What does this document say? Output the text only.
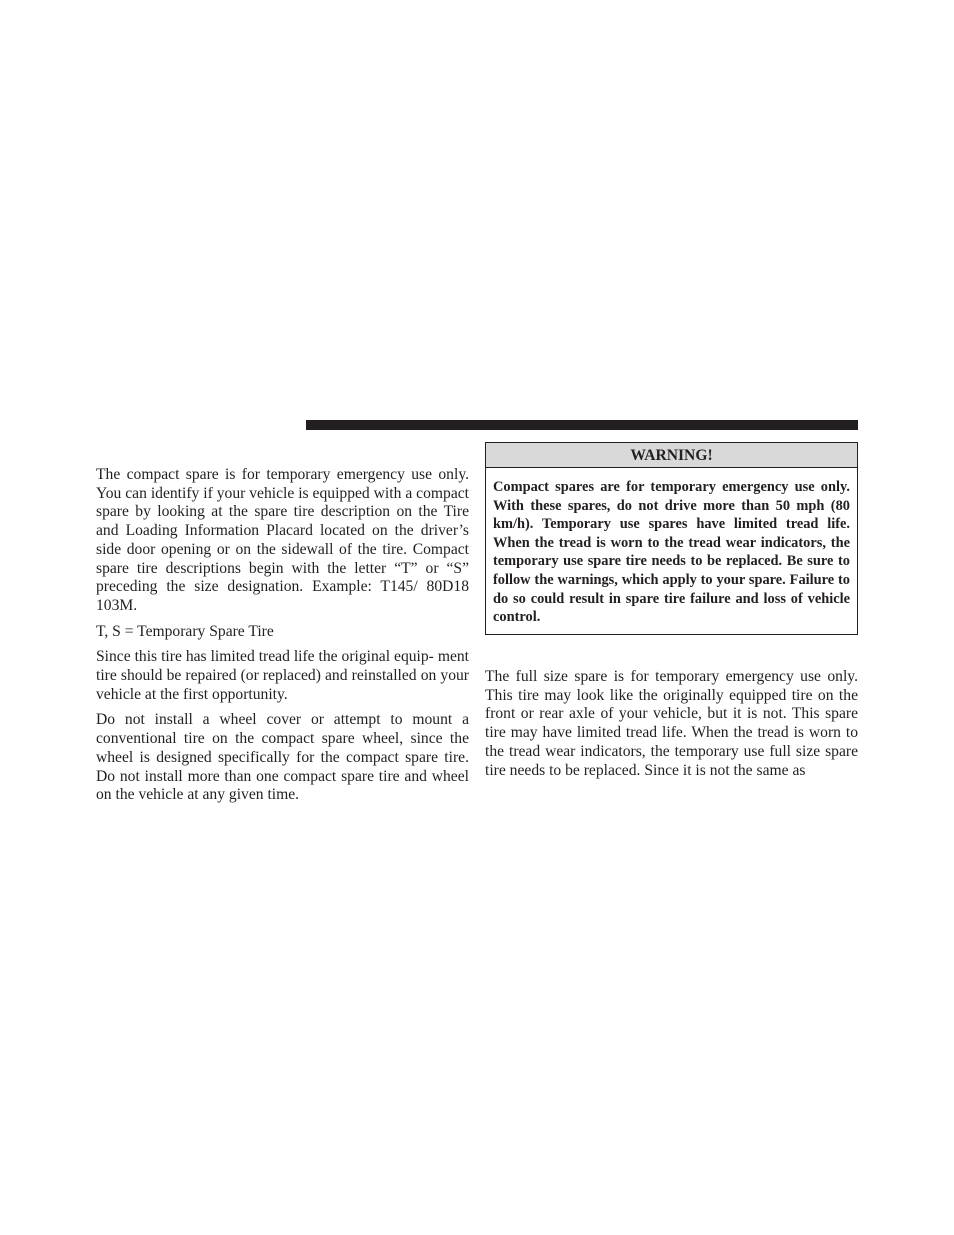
The compact spare is for temporary emergency use only. You can identify if your vehicle is equipped with a compact spare by looking at the spare tire description on the Tire and Loading Information Placard located on the driver’s side door opening or on the sidewall of the tire. Compact spare tire descriptions begin with the letter “T” or “S” preceding the size designation. Example: T145/ 80D18 103M.

T, S = Temporary Spare Tire

Since this tire has limited tread life the original equip- ment tire should be repaired (or replaced) and reinstalled on your vehicle at the first opportunity.

Do not install a wheel cover or attempt to mount a conventional tire on the compact spare wheel, since the wheel is designed specifically for the compact spare tire. Do not install more than one compact spare tire and wheel on the vehicle at any given time.

WARNING!
Compact spares are for temporary emergency use only. With these spares, do not drive more than 50 mph (80 km/h). Temporary use spares have limited tread life. When the tread is worn to the tread wear indicators, the temporary use spare tire needs to be replaced. Be sure to follow the warnings, which apply to your spare. Failure to do so could result in spare tire failure and loss of vehicle control.

The full size spare is for temporary emergency use only. This tire may look like the originally equipped tire on the front or rear axle of your vehicle, but it is not. This spare tire may have limited tread life. When the tread is worn to the tread wear indicators, the temporary use full size spare tire needs to be replaced. Since it is not the same as
